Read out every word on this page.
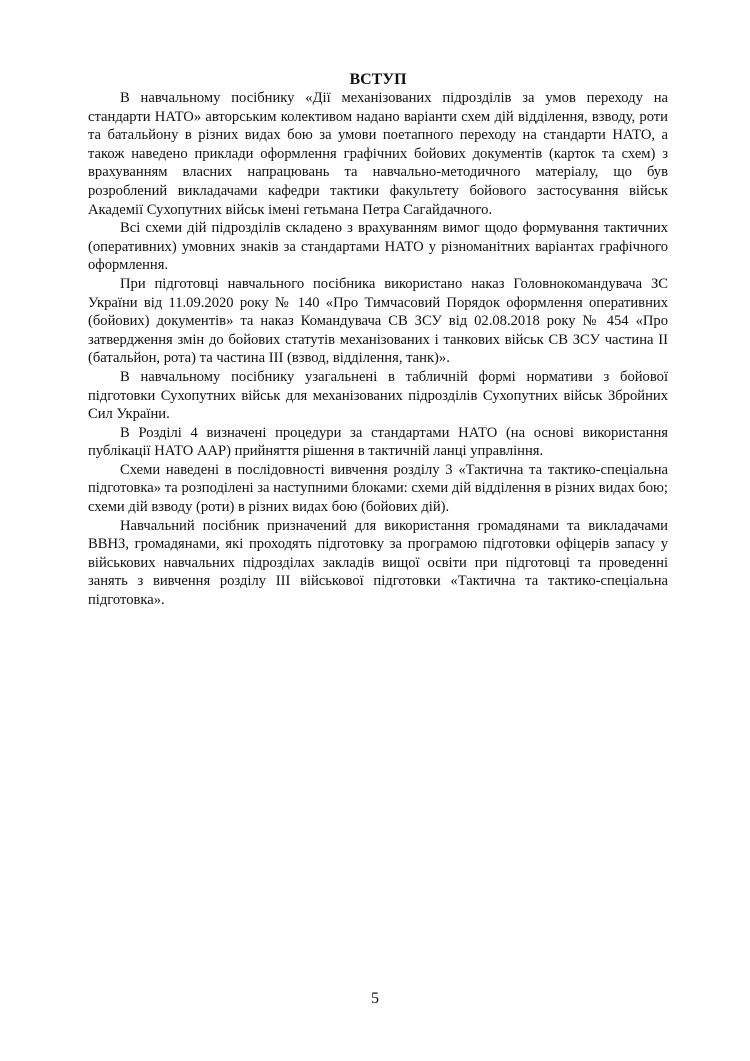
ВСТУП

В навчальному посібнику «Дії механізованих підрозділів за умов переходу на стандарти НАТО» авторським колективом надано варіанти схем дій відділення, взводу, роти та батальйону в різних видах бою за умови поетапного переходу на стандарти НАТО, а також наведено приклади оформлення графічних бойових документів (карток та схем) з врахуванням власних напрацювань та навчально-методичного матеріалу, що був розроблений викладачами кафедри тактики факультету бойового застосування військ Академії Сухопутних військ імені гетьмана Петра Сагайдачного.

Всі схеми дій підрозділів складено з врахуванням вимог щодо формування тактичних (оперативних) умовних знаків за стандартами НАТО у різноманітних варіантах графічного оформлення.

При підготовці навчального посібника використано наказ Головнокомандувача ЗС України від 11.09.2020 року № 140 «Про Тимчасовий Порядок оформлення оперативних (бойових) документів» та наказ Командувача СВ ЗСУ від 02.08.2018 року № 454 «Про затвердження змін до бойових статутів механізованих і танкових військ СВ ЗСУ частина ІІ (батальйон, рота) та частина ІІІ (взвод, відділення, танк)».

В навчальному посібнику узагальнені в табличній формі нормативи з бойової підготовки Сухопутних військ для механізованих підрозділів Сухопутних військ Збройних Сил України.

В Розділі 4 визначені процедури за стандартами НАТО (на основі використання публікації НАТО ААР) прийняття рішення в тактичній ланці управління.

Схеми наведені в послідовності вивчення розділу 3 «Тактична та тактико-спеціальна підготовка» та розподілені за наступними блоками: схеми дій відділення в різних видах бою; схеми дій взводу (роти) в різних видах бою (бойових дій).

Навчальний посібник призначений для використання громадянами та викладачами ВВНЗ, громадянами, які проходять підготовку за програмою підготовки офіцерів запасу у військових навчальних підрозділах закладів вищої освіти при підготовці та проведенні занять з вивчення розділу ІІІ військової підготовки «Тактична та тактико-спеціальна підготовка».

5
